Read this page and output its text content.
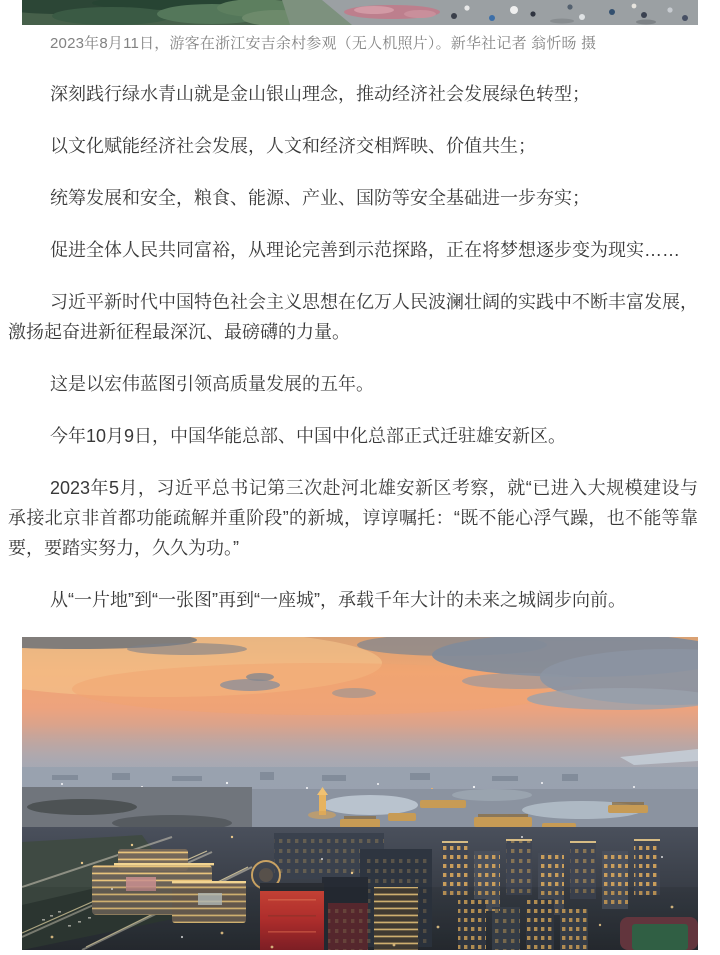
2023年8月11日，游客在浙江安吉余村参观（无人机照片）。新华社记者 翁忻旸 摄

深刻践行绿水青山就是金山银山理念，推动经济社会发展绿色转型；

以文化赋能经济社会发展，人文和经济交相辉映、价值共生；

统筹发展和安全，粮食、能源、产业、国防等安全基础进一步夯实；

促进全体人民共同富裕，从理论完善到示范探路，正在将梦想逐步变为现实……

习近平新时代中国特色社会主义思想在亿万人民波澜壮阔的实践中不断丰富发展，激扬起奋进新征程最深沉、最磅礴的力量。

这是以宏伟蓝图引领高质量发展的五年。

今年10月9日，中国华能总部、中国中化总部正式迁驻雄安新区。

2023年5月，习近平总书记第三次赴河北雄安新区考察，就“已进入大规模建设与承接北京非首都功能疏解并重阶段”的新城，谆谆嘱托：“既不能心浮气躁，也不能等靠要，要踏实努力，久久为功。”

从“一片地”到“一张图”再到“一座城”，承载千年大计的未来之城阔步向前。
